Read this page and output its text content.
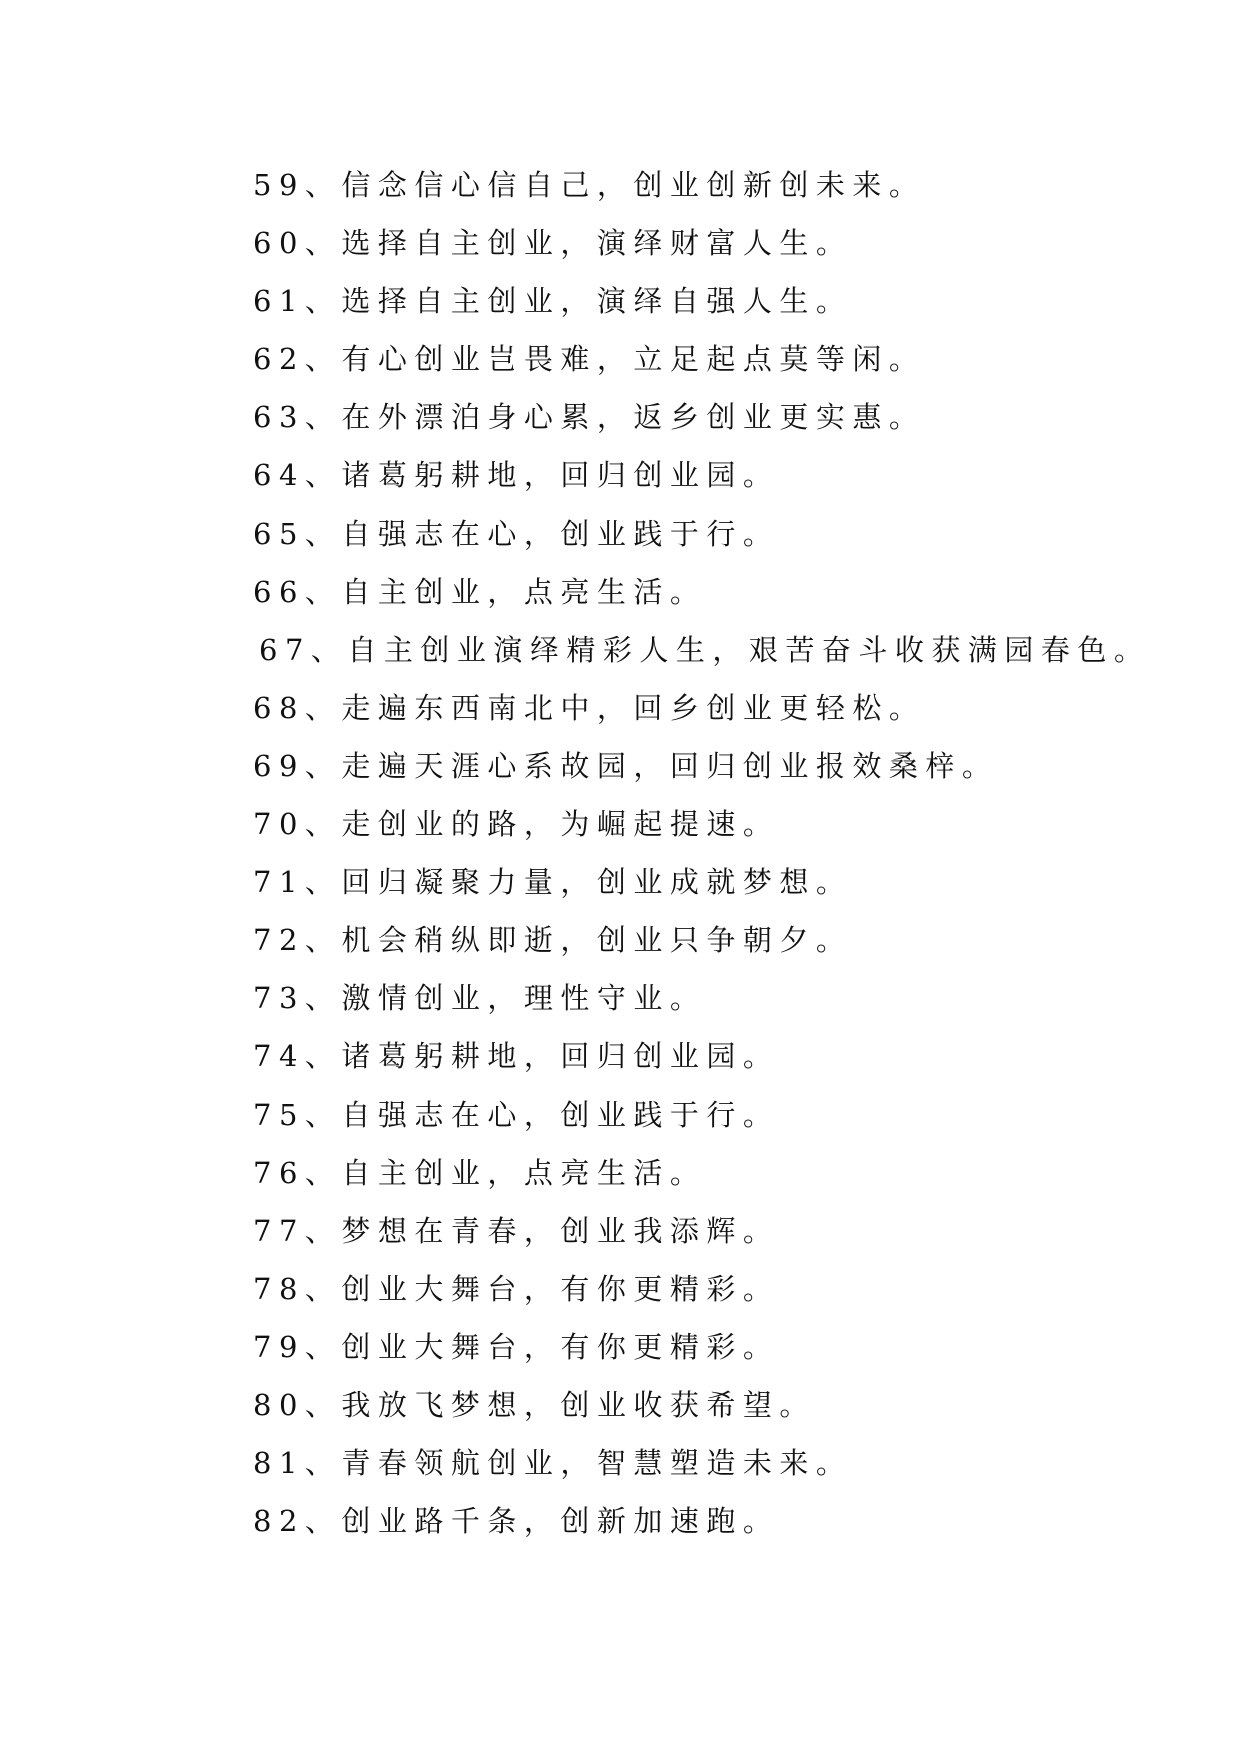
59、信念信心信自己，创业创新创未来。
60、选择自主创业，演绎财富人生。
61、选择自主创业，演绎自强人生。
62、有心创业岂畏难，立足起点莫等闲。
63、在外漂泊身心累，返乡创业更实惠。
64、诸葛躬耕地，回归创业园。
65、自强志在心，创业践于行。
66、自主创业，点亮生活。
67、自主创业演绎精彩人生，艰苦奋斗收获满园春色。
68、走遍东西南北中，回乡创业更轻松。
69、走遍天涯心系故园，回归创业报效桑梓。
70、走创业的路，为崛起提速。
71、回归凝聚力量，创业成就梦想。
72、机会稍纵即逝，创业只争朝夕。
73、激情创业，理性守业。
74、诸葛躬耕地，回归创业园。
75、自强志在心，创业践于行。
76、自主创业，点亮生活。
77、梦想在青春，创业我添辉。
78、创业大舞台，有你更精彩。
79、创业大舞台，有你更精彩。
80、我放飞梦想，创业收获希望。
81、青春领航创业，智慧塑造未来。
82、创业路千条，创新加速跑。
